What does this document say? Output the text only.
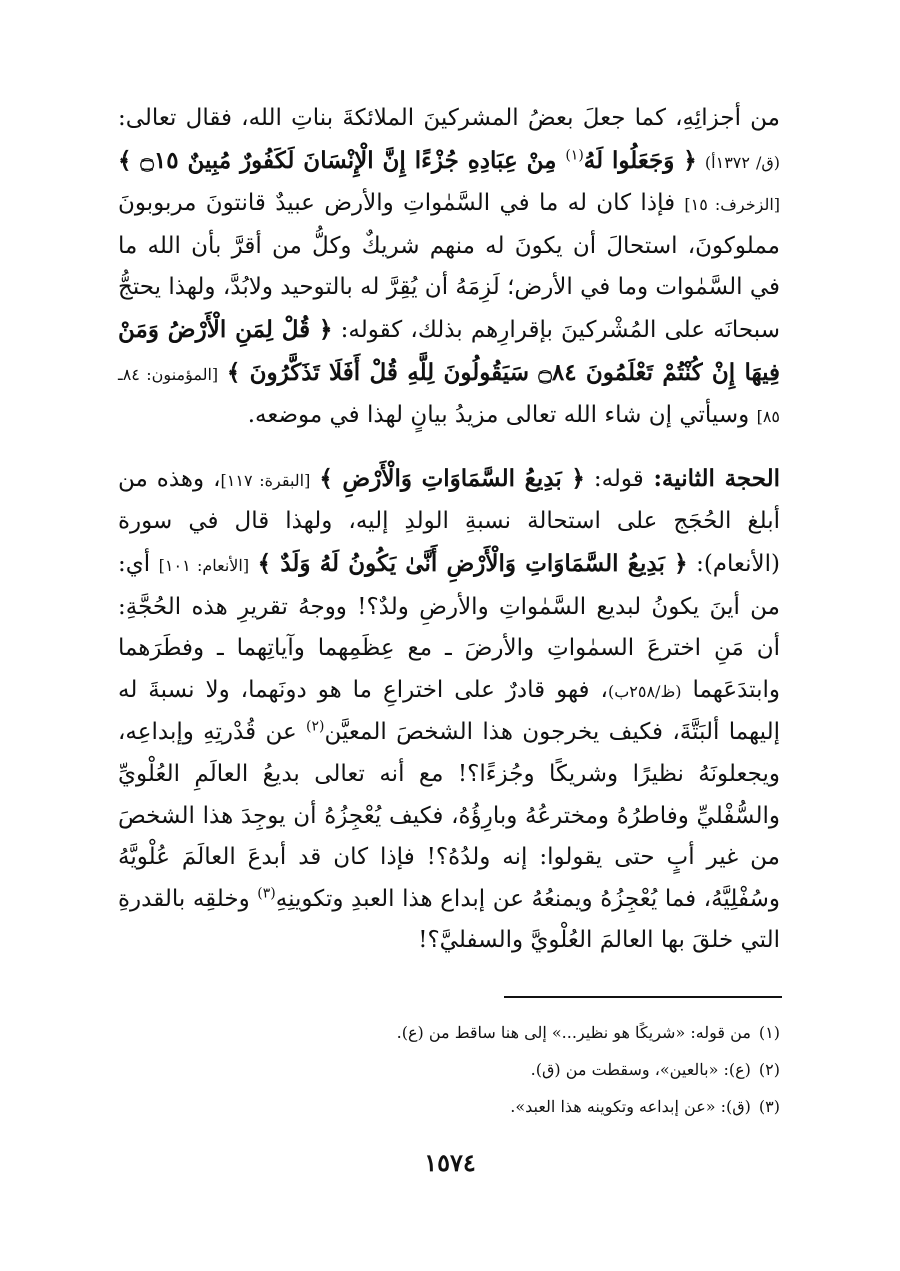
من أجزائِهِ، كما جعلَ بعضُ المشركينَ الملائكةَ بناتِ الله، فقال تعالى: (ق/ ١٣٧٢أ) ﴿ وَجَعَلُوا لَهُ$^{(١)}$ مِنْ عِبَادِهِ جُزْءًا إِنَّ الْإِنْسَانَ لَكَفُورٌ مُبِينٌ ۝١٥ ﴾ [الزخرف: ١٥] فإذا كان له ما في السَّمٰواتِ والأرض عبيدٌ قانتونَ مربوبونَ مملوكونَ، استحالَ أن يكونَ له منهم شريكٌ وكلُّ من أقرَّ بأن الله ما في السَّمٰوات وما في الأرض؛ لَزِمَهُ أن يُقِرَّ له بالتوحيد ولابُدَّ، ولهذا يحتجُّ سبحانَه على المُشْركينَ بإقرارِهم بذلك، كقوله: ﴿ قُلْ لِمَنِ الْأَرْضُ وَمَنْ فِيهَا إِنْ كُنْتُمْ تَعْلَمُونَ ۝٨٤ سَيَقُولُونَ لِلَّهِ قُلْ أَفَلَا تَذَكَّرُونَ ﴾ [المؤمنون: ٨٤ـ ٨٥] وسيأتي إن شاء الله تعالى مزيدُ بيانٍ لهذا في موضعه.

الحجة الثانية: قوله: ﴿ بَدِيعُ السَّمَاوَاتِ وَالْأَرْضِ ﴾ [البقرة: ١١٧]، وهذه من أبلغ الحُجَج على استحالة نسبةِ الولدِ إليه، ولهذا قال في سورة (الأنعام): ﴿ بَدِيعُ السَّمَاوَاتِ وَالْأَرْضِ أَنَّىٰ يَكُونُ لَهُ وَلَدٌ ﴾ [الأنعام: ١٠١] أي: من أينَ يكونُ لبديع السَّمٰواتِ والأرضِ ولدٌ؟! ووجهُ تقريرِ هذه الحُجَّةِ: أن مَنِ اخترعَ السمٰواتِ والأرضَ ـ مع عِظَمِهما وآياتِهما ـ وفطَرَهما وابتدَعَهما (ظ/٢٥٨ب)، فهو قادرٌ على اختراعِ ما هو دونَهما، ولا نسبةَ له إليهما ألبَتَّةَ، فكيف يخرجون هذا الشخصَ المعيَّن$^{(٢)}$ عن قُدْرتِهِ وإبداعِه، ويجعلونَهُ نظيرًا وشريكًا وجُزءًا؟! مع أنه تعالى بديعُ العالَمِ العُلْويِّ والسُّفْليِّ وفاطرُهُ ومخترعُهُ وبارِؤُهُ، فكيف يُعْجِزُهُ أن يوجِدَ هذا الشخصَ من غير أبٍ حتى يقولوا: إنه ولدُهُ؟! فإذا كان قد أبدعَ العالَمَ عُلْويَّهُ وسُفْلِيَّهُ، فما يُعْجِزُهُ ويمنعُهُ عن إبداع هذا العبدِ وتكوينِهِ$^{(٣)}$ وخلقِه بالقدرةِ التي خلقَ بها العالمَ العُلْويَّ والسفليَّ؟!

(١)
من قوله: «شريكًا هو نظير...» إلى هنا ساقط من (ع).
(٢)
(ع): «بالعين»، وسقطت من (ق).
(٣)
(ق): «عن إبداعه وتكوينه هذا العبد».
١٥٧٤
